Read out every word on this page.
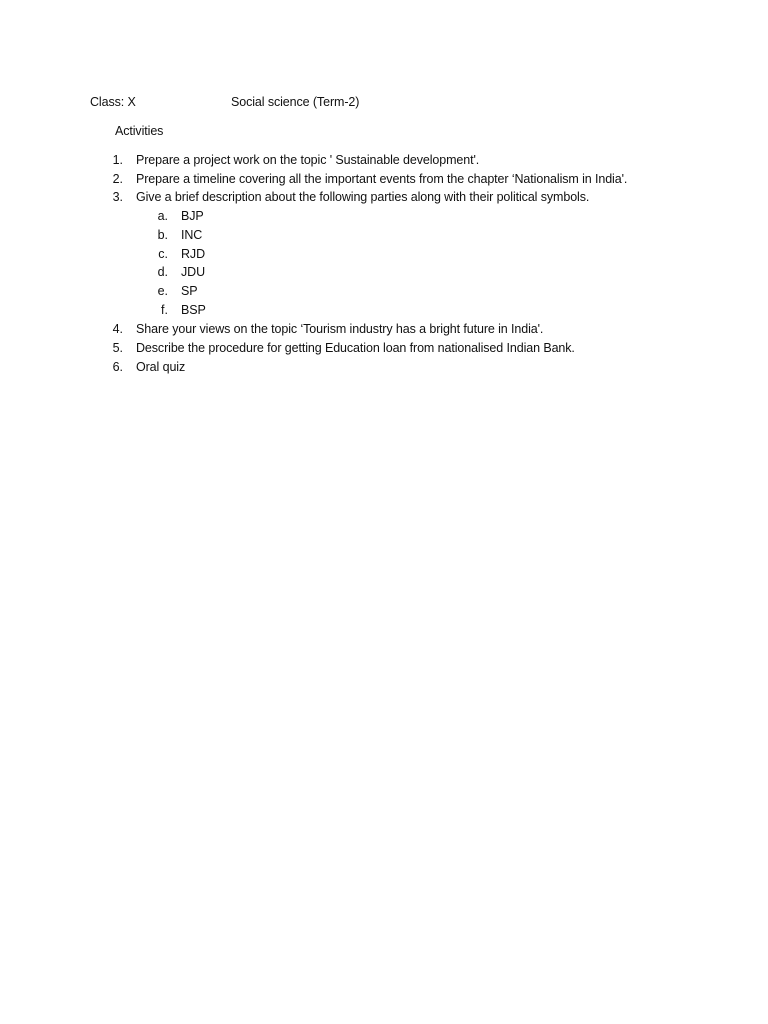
Class: X	Social science (Term-2)
Activities
1. Prepare a project work on the topic ' Sustainable development'.
2. Prepare a timeline covering all the important events from the chapter ‘Nationalism in India'.
3. Give a brief description about the following parties along with their political symbols.
a. BJP
b. INC
c. RJD
d. JDU
e. SP
f. BSP
4. Share your views on the topic ‘Tourism industry has a bright future in India'.
5. Describe the procedure for getting Education loan from nationalised Indian Bank.
6. Oral quiz
